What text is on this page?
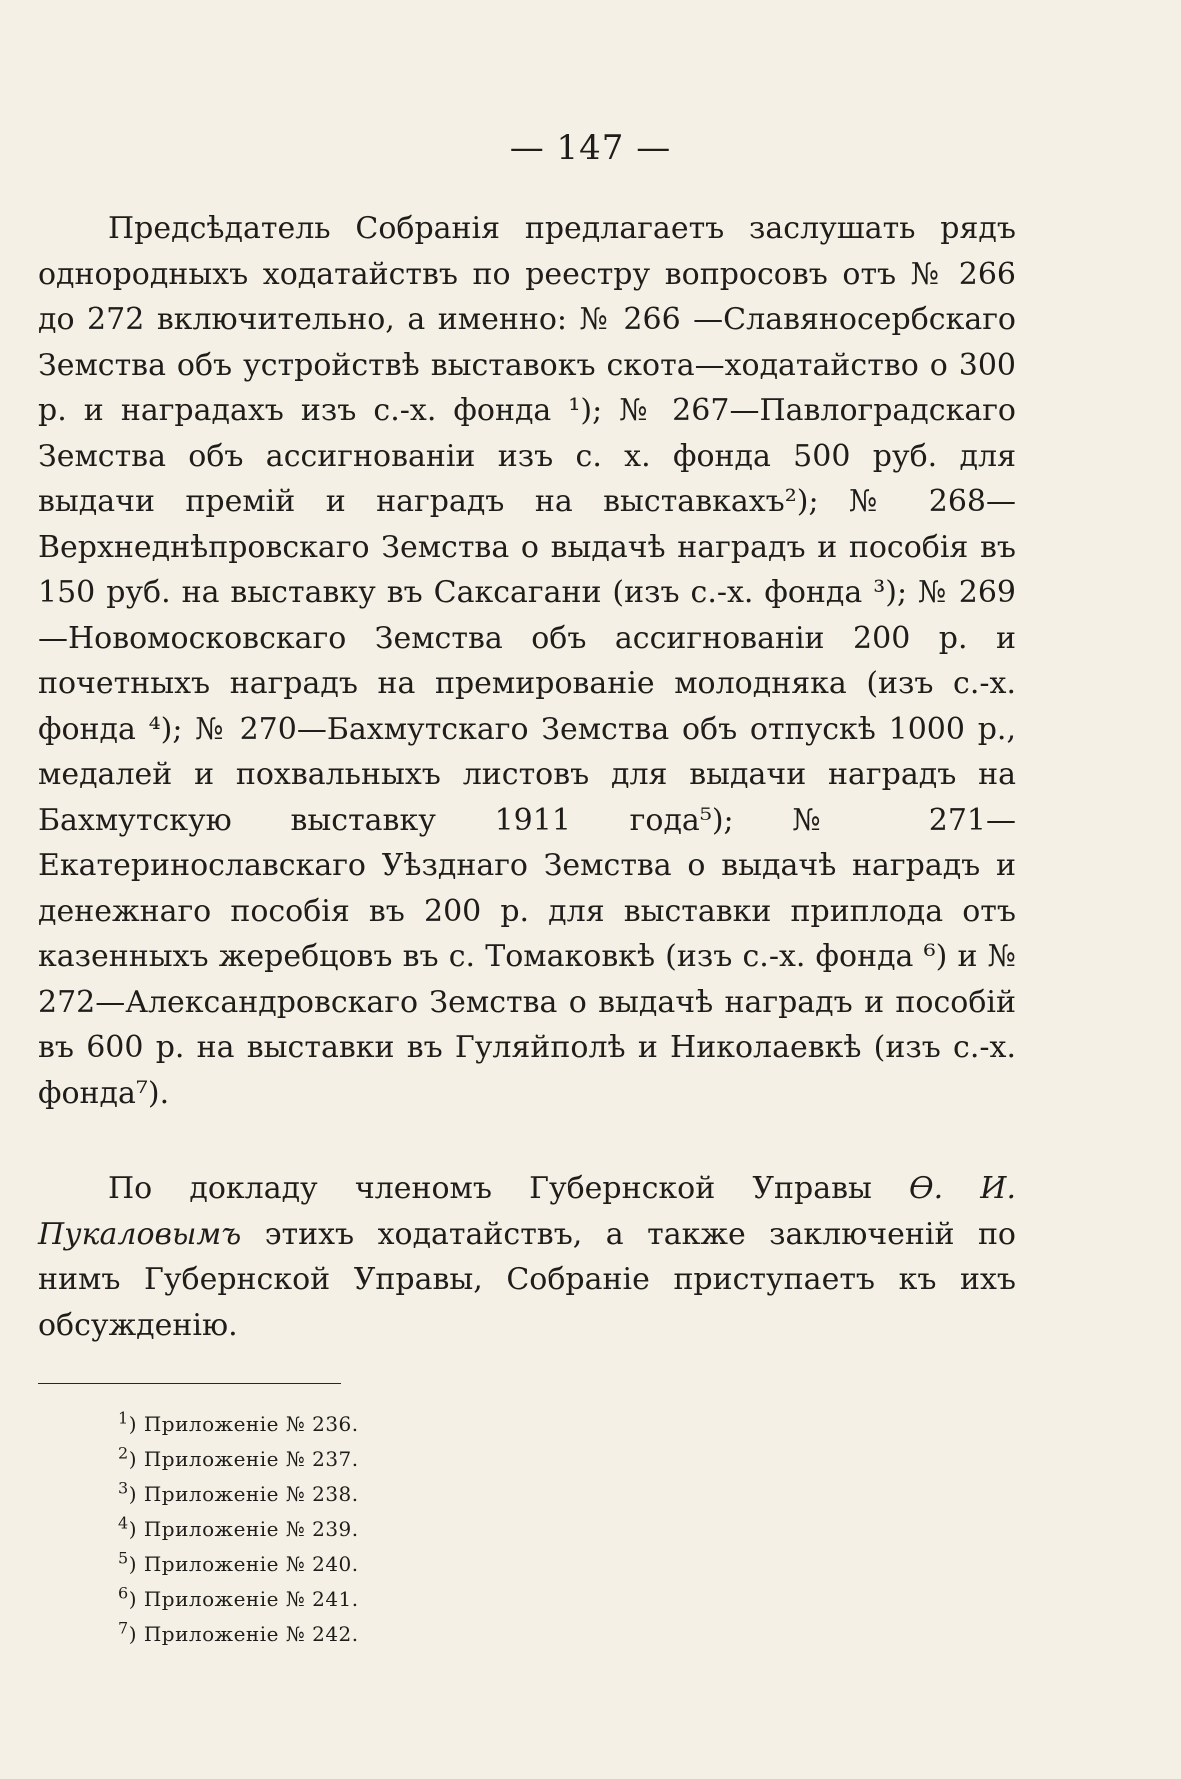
— 147 —

Предсѣдатель Собранія предлагаетъ заслушать рядъ однородныхъ ходатайствъ по реестру вопросовъ отъ № 266 до 272 включительно, а именно: № 266 —Славяносербскаго Земства объ устройствѣ выставокъ скота—ходатайство о 300 р. и наградахъ изъ с.-х. фонда ¹); № 267—Павлоградскаго Земства объ ассигнованіи изъ с. х. фонда 500 руб. для выдачи премій и наградъ на выставкахъ²); № 268—Верхнеднѣпровскаго Земства о выдачѣ наградъ и пособія въ 150 руб. на выставку въ Саксагани (изъ с.-х. фонда ³); № 269 —Новомосковскаго Земства объ ассигнованіи 200 р. и почетныхъ наградъ на премированіе молодняка (изъ с.-х. фонда ⁴); № 270—Бахмутскаго Земства объ отпускѣ 1000 р., медалей и похвальныхъ листовъ для выдачи наградъ на Бахмутскую выставку 1911 года⁵); № 271—Екатеринославскаго Уѣзднаго Земства о выдачѣ наградъ и денежнаго пособія въ 200 р. для выставки приплода отъ казенныхъ жеребцовъ въ с. Томаковкѣ (изъ с.-х. фонда ⁶) и № 272—Александровскаго Земства о выдачѣ наградъ и пособій въ 600 р. на выставки въ Гуляйполѣ и Николаевкѣ (изъ с.-х. фонда⁷).

По докладу членомъ Губернской Управы Ѳ. И. Пукаловымъ этихъ ходатайствъ, а также заключеній по нимъ Губернской Управы, Собраніе приступаетъ къ ихъ обсужденію.

$^1$) Приложеніе № 236.
$^2$) Приложеніе № 237.
$^3$) Приложеніе № 238.
$^4$) Приложеніе № 239.
$^5$) Приложеніе № 240.
$^6$) Приложеніе № 241.
$^7$) Приложеніе № 242.
